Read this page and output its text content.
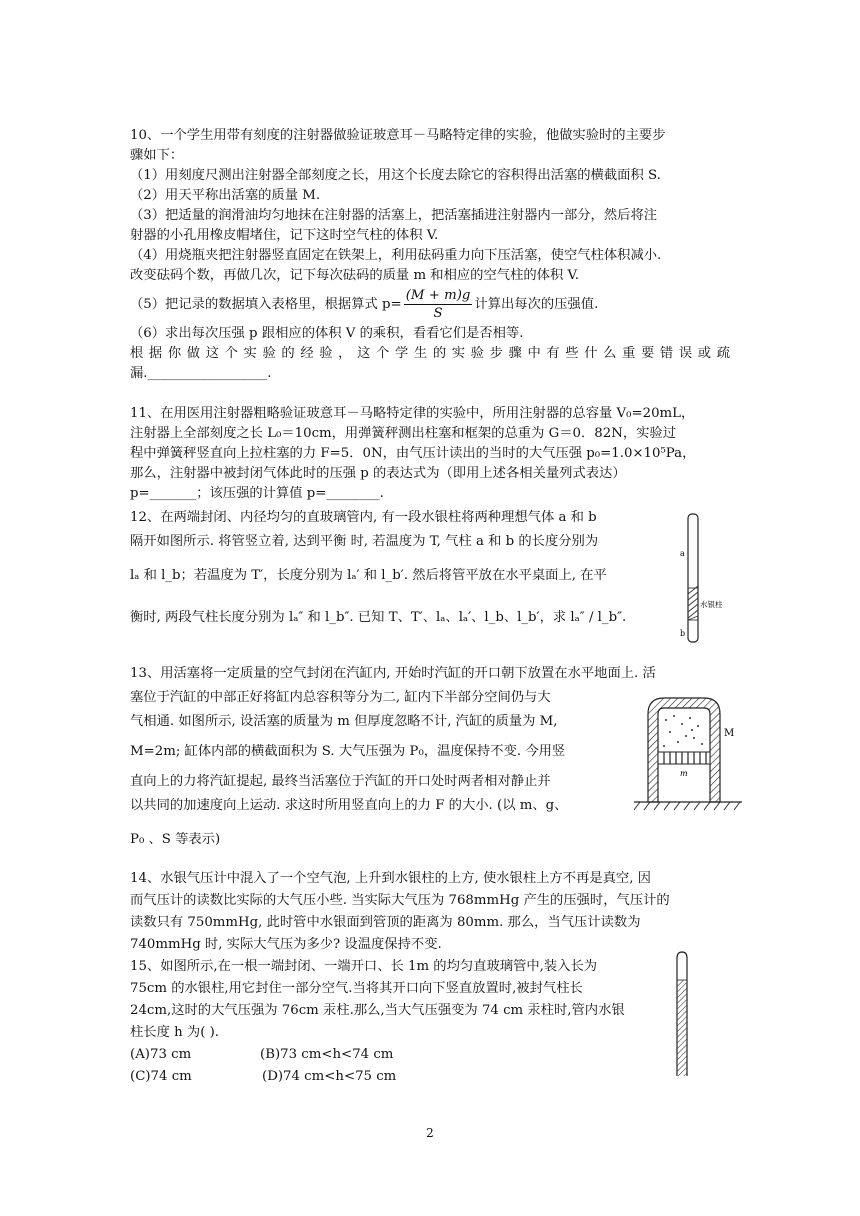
10、一个学生用带有刻度的注射器做验证玻意耳－马略特定律的实验，他做实验时的主要步
骤如下：
（1）用刻度尺测出注射器全部刻度之长，用这个长度去除它的容积得出活塞的横截面积 S.
（2）用天平称出活塞的质量 M.
（3）把适量的润滑油均匀地抹在注射器的活塞上，把活塞插进注射器内一部分，然后将注
射器的小孔用橡皮帽堵住，记下这时空气柱的体积 V.
（4）用烧瓶夹把注射器竖直固定在铁架上，利用砝码重力向下压活塞，使空气柱体积减小.
改变砝码个数，再做几次，记下每次砝码的质量 m 和相应的空气柱的体积 V.
（5）把记录的数据填入表格里，根据算式 $p= \frac{(M + m)g}{S}$ 计算出每次的压强值.
（6）求出每次压强 p 跟相应的体积 V 的乘积，看看它们是否相等.
根据你做这个实验的经验，这个学生的实验步骤中有些什么重要错误或疏
漏.__________________.
11、在用医用注射器粗略验证玻意耳－马略特定律的实验中，所用注射器的总容量 V₀=20mL，
注射器上全部刻度之长 L₀＝10cm，用弹簧秤测出柱塞和框架的总重为 G＝0．82N，实验过
程中弹簧秤竖直向上拉柱塞的力 F=5．0N，由气压计读出的当时的大气压强 p₀=1.0×10⁵Pa，
那么，注射器中被封闭气体此时的压强 p 的表达式为（即用上述各相关量列式表达）
p=_______；该压强的计算值 p=________.
12、在两端封闭、内径均匀的直玻璃管内, 有一段水银柱将两种理想气体 a 和 b
隔开如图所示. 将管竖立着, 达到平衡 时, 若温度为 T, 气柱 a 和 b 的长度分别为
lₐ 和 l_b；若温度为 T′，长度分别为 lₐ′ 和 l_b′. 然后将管平放在水平桌面上, 在平
衡时, 两段气柱长度分别为 lₐ″ 和 l_b″. 已知 T、T′、lₐ、lₐ′、l_b、l_b′，求 lₐ″ / l_b″.
a
水银柱
b
13、用活塞将一定质量的空气封闭在汽缸内, 开始时汽缸的开口朝下放置在水平地面上. 活
塞位于汽缸的中部正好将缸内总容积等分为二, 缸内下半部分空间仍与大
气相通. 如图所示, 设活塞的质量为 m 但厚度忽略不计, 汽缸的质量为 M,
M=2m; 缸体内部的横截面积为 S. 大气压强为 P₀，温度保持不变. 今用竖
直向上的力将汽缸提起, 最终当活塞位于汽缸的开口处时两者相对静止并
以共同的加速度向上运动. 求这时所用竖直向上的力 F 的大小. (以 m、g、
P₀ 、S 等表示)
m
M
14、水银气压计中混入了一个空气泡, 上升到水银柱的上方, 使水银柱上方不再是真空, 因
而气压计的读数比实际的大气压小些. 当实际大气压为 768mmHg 产生的压强时，气压计的
读数只有 750mmHg, 此时管中水银面到管顶的距离为 80mm. 那么，当气压计读数为
740mmHg 时, 实际大气压为多少? 设温度保持不变.
15、如图所示,在一根一端封闭、一端开口、长 1m 的均匀直玻璃管中,装入长为
75cm 的水银柱,用它封住一部分空气.当将其开口向下竖直放置时,被封气柱长
24cm,这时的大气压强为 76cm 汞柱.那么,当大气压强变为 74 cm 汞柱时,管内水银
柱长度 h 为( ).
(A)73 cm	(B)73 cm<h<74 cm
(C)74 cm	(D)74 cm<h<75 cm
2
